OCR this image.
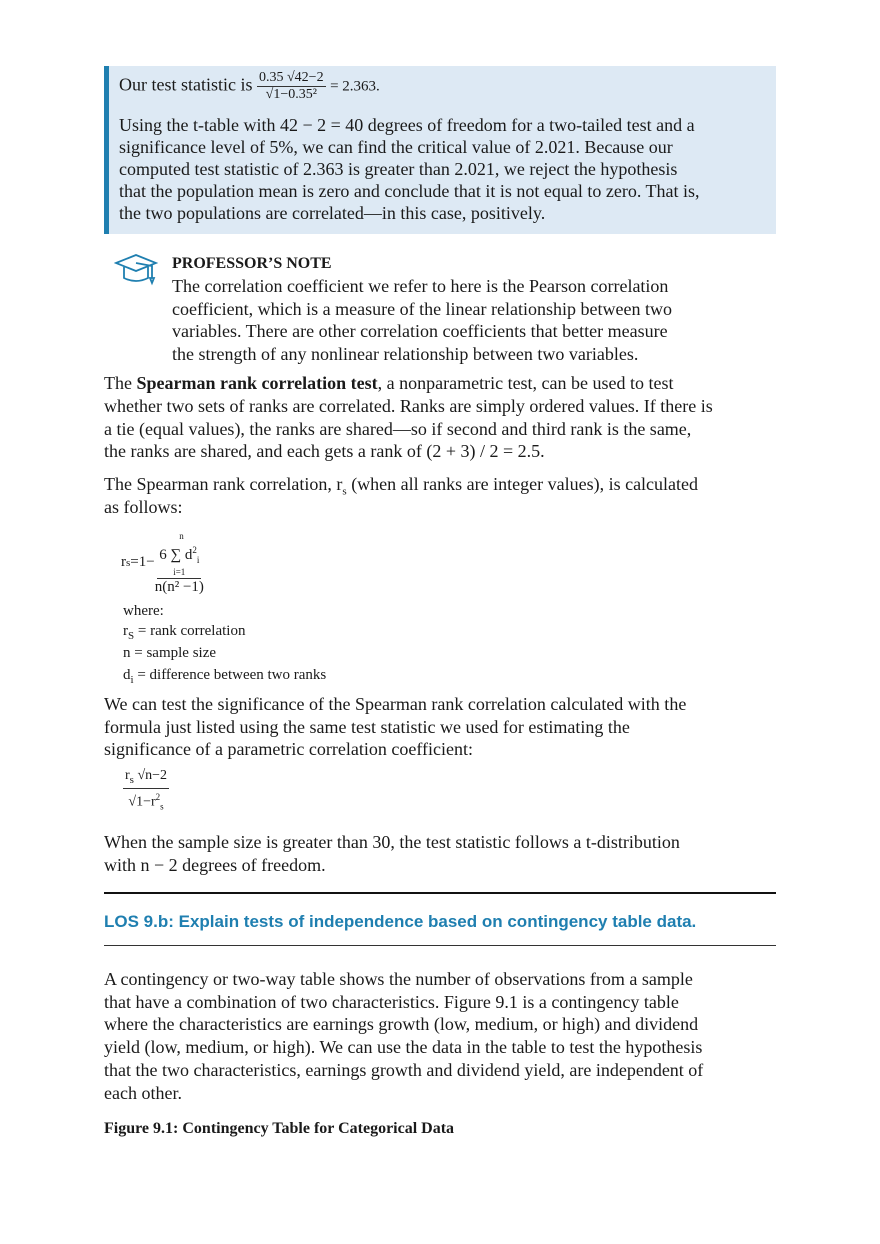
Our test statistic is $\frac{0.35 √42-2}{\text{√1−0.35²}} = 2.363$.
Using the t-table with 42 − 2 = 40 degrees of freedom for a two-tailed test and a
significance level of 5%, we can find the critical value of 2.021. Because our
computed test statistic of 2.363 is greater than 2.021, we reject the hypothesis
that the population mean is zero and conclude that it is not equal to zero. That is,
the two populations are correlated—in this case, positively.
PROFESSOR’S NOTE
The correlation coefficient we refer to here is the Pearson correlation
coefficient, which is a measure of the linear relationship between two
variables. There are other correlation coefficients that better measure
the strength of any nonlinear relationship between two variables.
The Spearman rank correlation test, a nonparametric test, can be used to test
whether two sets of ranks are correlated. Ranks are simply ordered values. If there is
a tie (equal values), the ranks are shared—so if second and third rank is the same,
the ranks are shared, and each gets a rank of (2 + 3) / 2 = 2.5.
The Spearman rank correlation, $r_s$ (when all ranks are integer values), is calculated
as follows:
r s =1− n
6 ∑ $d^2_i$
i=1
n(n² −1)
where:
$r_S$ = rank correlation
n = sample size
$d_i$ = difference between two ranks
We can test the significance of the Spearman rank correlation calculated with the
formula just listed using the same test statistic we used for estimating the
significance of a parametric correlation coefficient:
$\frac{r_s √n-2}{√1-r^2_s}$
When the sample size is greater than 30, the test statistic follows a t-distribution
with n − 2 degrees of freedom.
LOS 9.b: Explain tests of independence based on contingency table data.
A contingency or two-way table shows the number of observations from a sample
that have a combination of two characteristics. Figure 9.1 is a contingency table
where the characteristics are earnings growth (low, medium, or high) and dividend
yield (low, medium, or high). We can use the data in the table to test the hypothesis
that the two characteristics, earnings growth and dividend yield, are independent of
each other.
Figure 9.1: Contingency Table for Categorical Data
